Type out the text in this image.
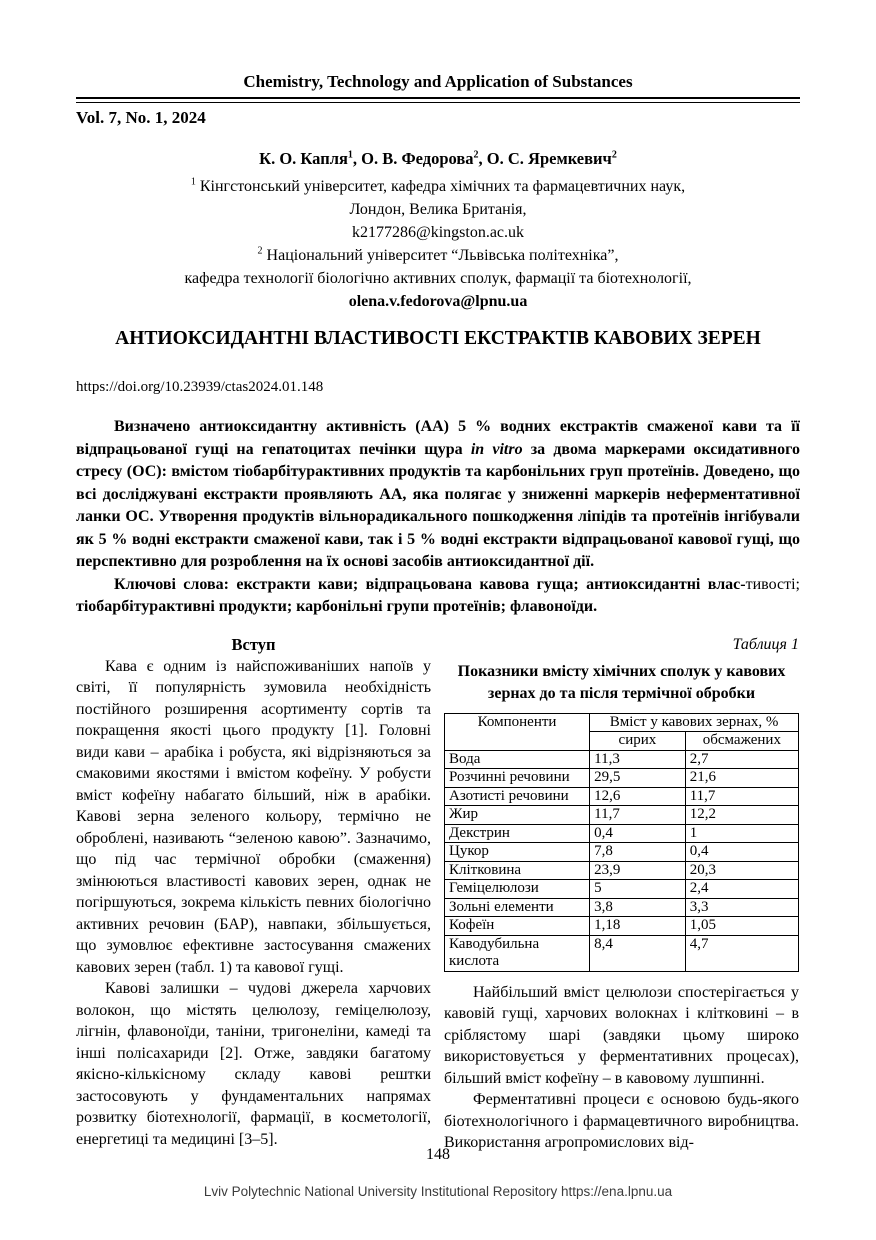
Chemistry, Technology and Application of Substances
Vol. 7, No. 1, 2024
К. О. Капля$^1$, О. В. Федорова$^2$, О. С. Яремкевич$^2$
$^1$ Кінгстонський університет, кафедра хімічних та фармацевтичних наук,
Лондон, Велика Британія,
k2177286@kingston.ac.uk
$^2$ Національний університет “Львівська політехніка”,
кафедра технології біологічно активних сполук, фармації та біотехнології,
olena.v.fedorova@lpnu.ua
АНТИОКСИДАНТНІ ВЛАСТИВОСТІ ЕКСТРАКТІВ КАВОВИХ ЗЕРЕН
https://doi.org/10.23939/ctas2024.01.148

Визначено антиоксидантну активність (АА) 5 % водних екстрактів смаженої кави та її відпрацьованої гущі на гепатоцитах печінки щура in vitro за двома маркерами оксидативного стресу (ОС): вмістом тіобарбітурактивних продуктів та карбонільних груп протеїнів. Доведено, що всі досліджувані екстракти проявляють АА, яка полягає у зниженні маркерів неферментативної ланки ОС. Утворення продуктів вільнорадикального пошкодження ліпідів та протеїнів інгібували як 5 % водні екстракти смаженої кави, так і 5 % водні екстракти відпрацьованої кавової гущі, що перспективно для розроблення на їх основі засобів антиоксидантної дії.

Ключові слова: екстракти кави; відпрацьована кавова гуща; антиоксидантні влас-тивості; тіобарбітурактивні продукти; карбонільні групи протеїнів; флавоноїди.

Вступ

Кава є одним із найспоживаніших напоїв у світі, її популярність зумовила необхідність постійного розширення асортименту сортів та покращення якості цього продукту [1]. Головні види кави – арабіка і робуста, які відрізняються за смаковими якостями і вмістом кофеїну. У робусти вміст кофеїну набагато більший, ніж в арабіки. Кавові зерна зеленого кольору, термічно не оброблені, називають “зеленою кавою”. Зазначимо, що під час термічної обробки (смаження) змінюються властивості кавових зерен, однак не погіршуються, зокрема кількість певних біологічно активних речовин (БАР), навпаки, збільшується, що зумовлює ефективне застосування смажених кавових зерен (табл. 1) та кавової гущі.

Кавові залишки – чудові джерела харчових волокон, що містять целюлозу, геміцелюлозу, лігнін, флавоноїди, таніни, тригонеліни, камеді та інші полісахариди [2]. Отже, завдяки багатому якісно-кількісному складу кавові рештки застосовують у фундаментальних напрямах розвитку біотехнології, фармації, в косметології, енергетиці та медицині [3–5].

Таблиця 1
Показники вмісту хімічних сполук у кавових зернах до та після термічної обробки
Компоненти	Вміст у кавових зернах, %	
	сирих	обсмажених
Вода	11,3	2,7
Розчинні речовини	29,5	21,6
Азотисті речовини	12,6	11,7
Жир	11,7	12,2
Декстрин	0,4	1
Цукор	7,8	0,4
Клітковина	23,9	20,3
Геміцелюлози	5	2,4
Зольні елементи	3,8	3,3
Кофеїн	1,18	1,05
Каводубильна кислота	8,4	4,7

Найбільший вміст целюлози спостерігається у кавовій гущі, харчових волокнах і клітковині – в сріблястому шарі (завдяки цьому широко використовується у ферментативних процесах), більший вміст кофеїну – в кавовому лушпинні.

Ферментативні процеси є основою будь-якого біотехнологічного і фармацевтичного виробництва. Використання агропромислових від-

148
Lviv Polytechnic National University Institutional Repository https://ena.lpnu.ua
